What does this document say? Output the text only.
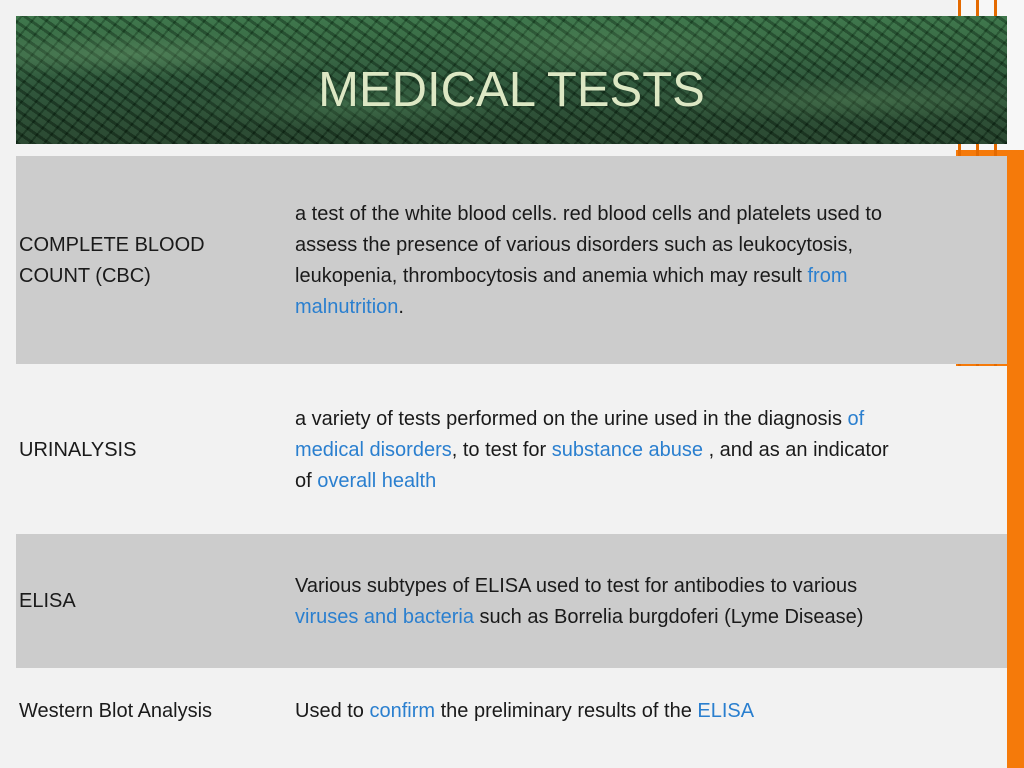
MEDICAL TESTS
COMPLETE BLOOD
COUNT (CBC)
a test of the white blood cells. red blood cells and platelets used to
assess the presence of various disorders such as leukocytosis,
leukopenia, thrombocytosis and anemia which may result from
malnutrition.
URINALYSIS
a variety of tests performed on the urine used in the diagnosis of
medical disorders, to test for substance abuse , and as an indicator
of overall health
ELISA
Various subtypes of ELISA used to test for antibodies to various
viruses and bacteria such as Borrelia burgdoferi (Lyme Disease)
Western Blot Analysis	Used to confirm the preliminary results of the ELISA
